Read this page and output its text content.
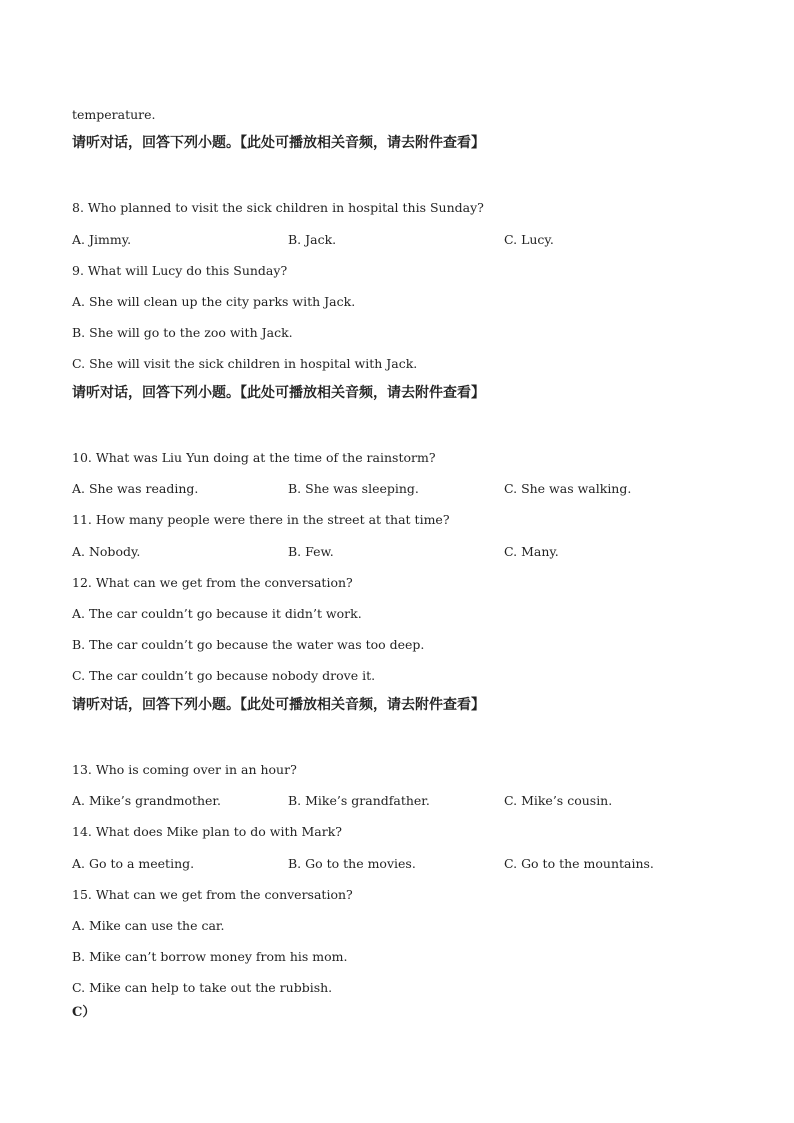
temperature.
请听对话，回答下列小题。【此处可播放相关音频，请去附件查看】
8. Who planned to visit the sick children in hospital this Sunday?
A. Jimmy.	B. Jack.	C. Lucy.
9. What will Lucy do this Sunday?
A. She will clean up the city parks with Jack.
B. She will go to the zoo with Jack.
C. She will visit the sick children in hospital with Jack.
请听对话，回答下列小题。【此处可播放相关音频，请去附件查看】
10. What was Liu Yun doing at the time of the rainstorm?
A. She was reading.	B. She was sleeping.	C. She was walking.
11. How many people were there in the street at that time?
A. Nobody.	B. Few.	C. Many.
12. What can we get from the conversation?
A. The car couldn’t go because it didn’t work.
B. The car couldn’t go because the water was too deep.
C. The car couldn’t go because nobody drove it.
请听对话，回答下列小题。【此处可播放相关音频，请去附件查看】
13. Who is coming over in an hour?
A. Mike’s grandmother.	B. Mike’s grandfather.	C. Mike’s cousin.
14. What does Mike plan to do with Mark?
A. Go to a meeting.	B. Go to the movies.	C. Go to the mountains.
15. What can we get from the conversation?
A. Mike can use the car.
B. Mike can’t borrow money from his mom.
C. Mike can help to take out the rubbish.
C）
